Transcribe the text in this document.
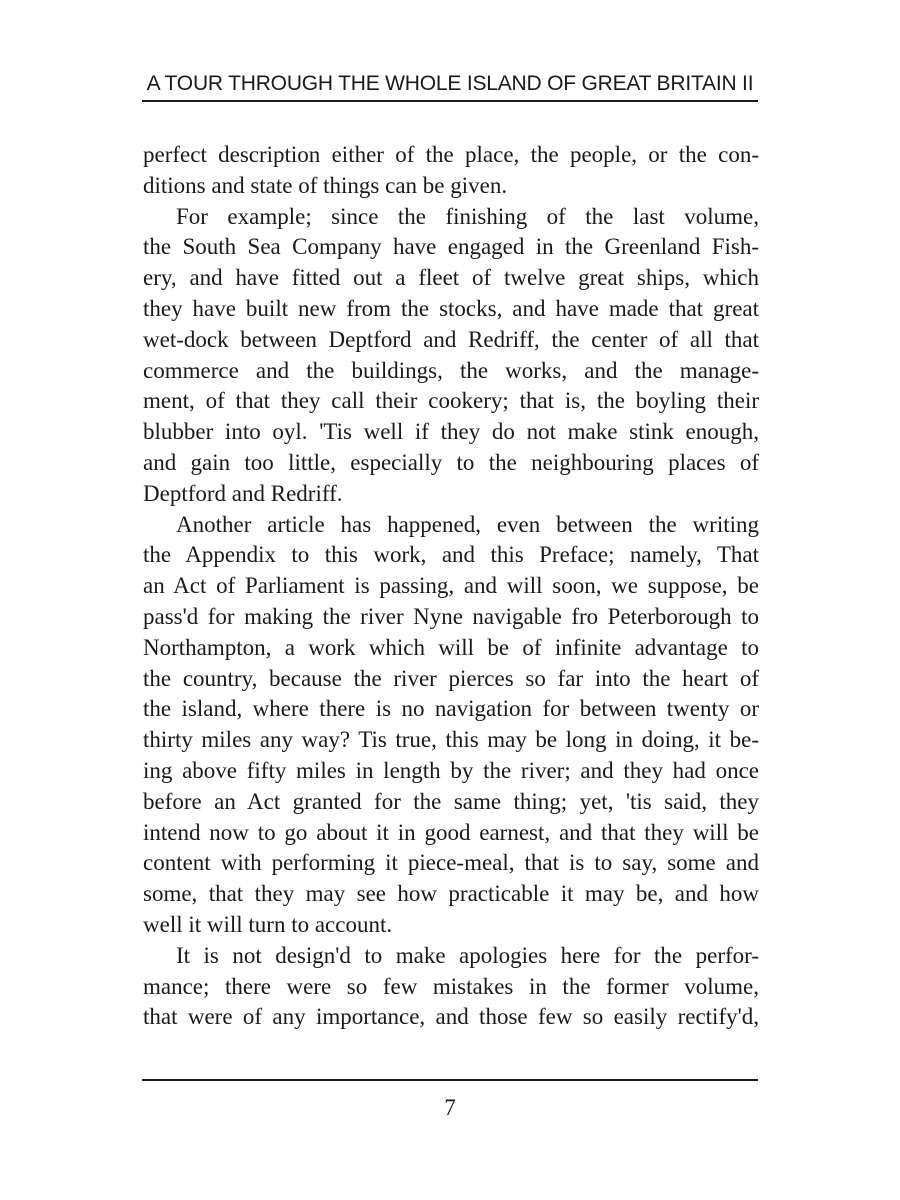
A TOUR THROUGH THE WHOLE ISLAND OF GREAT BRITAIN II
perfect description either of the place, the people, or the con-
ditions and state of things can be given.
For example; since the finishing of the last volume,
the South Sea Company have engaged in the Greenland Fish-
ery, and have fitted out a fleet of twelve great ships, which
they have built new from the stocks, and have made that great
wet-dock between Deptford and Redriff, the center of all that
commerce and the buildings, the works, and the manage-
ment, of that they call their cookery; that is, the boyling their
blubber into oyl. 'Tis well if they do not make stink enough,
and gain too little, especially to the neighbouring places of
Deptford and Redriff.
Another article has happened, even between the writing
the Appendix to this work, and this Preface; namely, That
an Act of Parliament is passing, and will soon, we suppose, be
pass'd for making the river Nyne navigable fro Peterborough to
Northampton, a work which will be of infinite advantage to
the country, because the river pierces so far into the heart of
the island, where there is no navigation for between twenty or
thirty miles any way? Tis true, this may be long in doing, it be-
ing above fifty miles in length by the river; and they had once
before an Act granted for the same thing; yet, 'tis said, they
intend now to go about it in good earnest, and that they will be
content with performing it piece-meal, that is to say, some and
some, that they may see how practicable it may be, and how
well it will turn to account.
It is not design'd to make apologies here for the perfor-
mance; there were so few mistakes in the former volume,
that were of any importance, and those few so easily rectify'd,
7
